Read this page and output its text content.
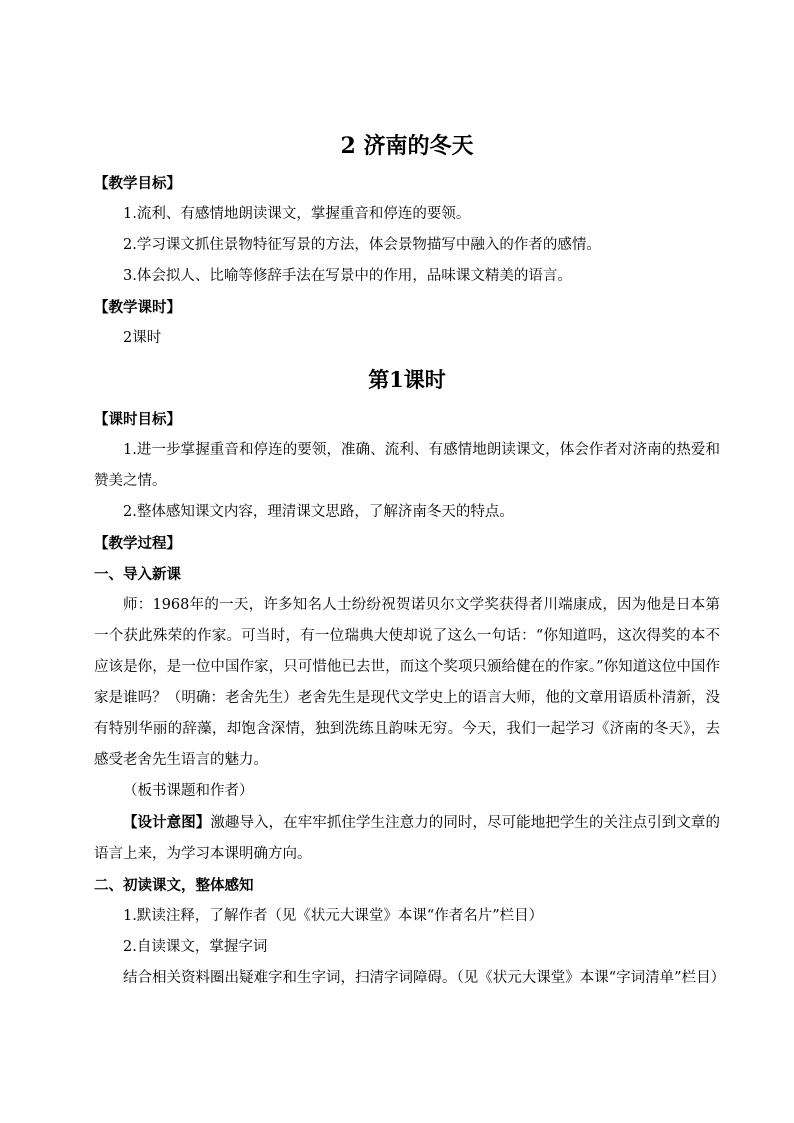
2 济南的冬天
【教学目标】
1.流利、有感情地朗读课文，掌握重音和停连的要领。
2.学习课文抓住景物特征写景的方法，体会景物描写中融入的作者的感情。
3.体会拟人、比喻等修辞手法在写景中的作用，品味课文精美的语言。
【教学课时】
2课时
第1课时
【课时目标】
1.进一步掌握重音和停连的要领，准确、流利、有感情地朗读课文，体会作者对济南的热爱和赞美之情。
2.整体感知课文内容，理清课文思路，了解济南冬天的特点。
【教学过程】
一、导入新课
师：1968年的一天，许多知名人士纷纷祝贺诺贝尔文学奖获得者川端康成，因为他是日本第一个获此殊荣的作家。可当时，有一位瑞典大使却说了这么一句话：“你知道吗，这次得奖的本不应该是你，是一位中国作家，只可惜他已去世，而这个奖项只颁给健在的作家。”你知道这位中国作家是谁吗？（明确：老舍先生）老舍先生是现代文学史上的语言大师，他的文章用语质朴清新，没有特别华丽的辞藻，却饱含深情，独到洗练且韵味无穷。今天，我们一起学习《济南的冬天》，去感受老舍先生语言的魅力。
（板书课题和作者）
【设计意图】激趣导入，在牢牢抓住学生注意力的同时，尽可能地把学生的关注点引到文章的语言上来，为学习本课明确方向。
二、初读课文，整体感知
1.默读注释，了解作者（见《状元大课堂》本课“作者名片”栏目）
2.自读课文，掌握字词
结合相关资料圈出疑难字和生字词，扫清字词障碍。（见《状元大课堂》本课“字词清单”栏目）
